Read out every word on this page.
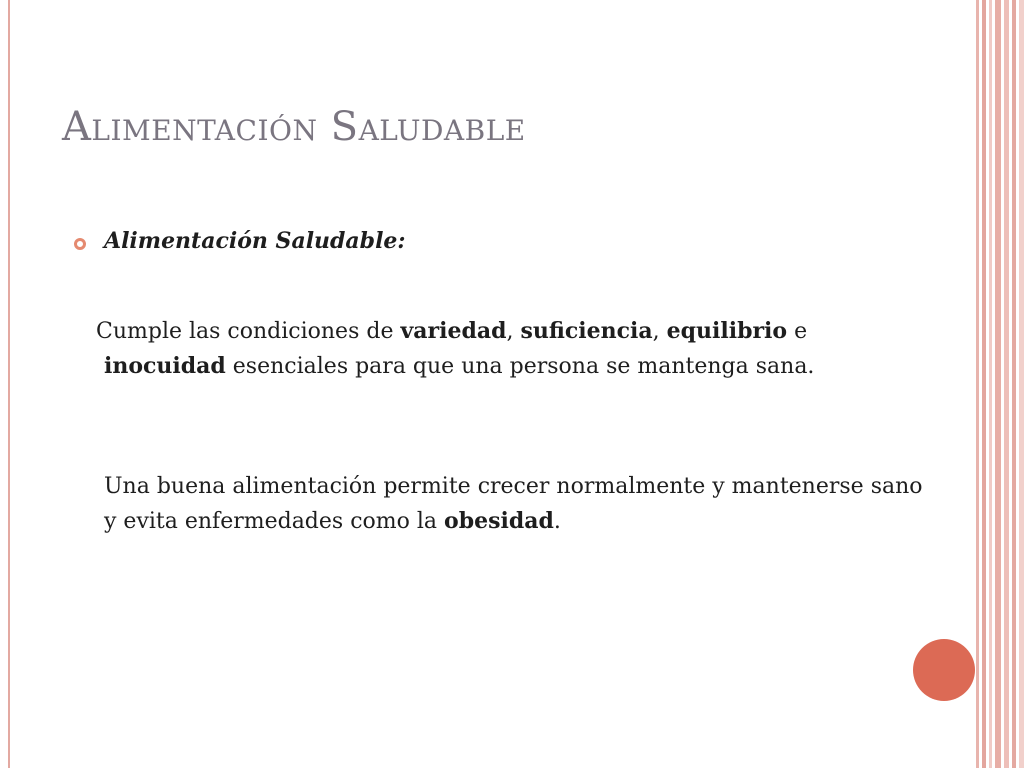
Alimentación Saludable
Alimentación Saludable:

Cumple las condiciones de variedad, suficiencia, equilibrio e inocuidad esenciales para que una persona se mantenga sana.

Una buena alimentación permite crecer normalmente y mantenerse sano y evita enfermedades como la obesidad.
